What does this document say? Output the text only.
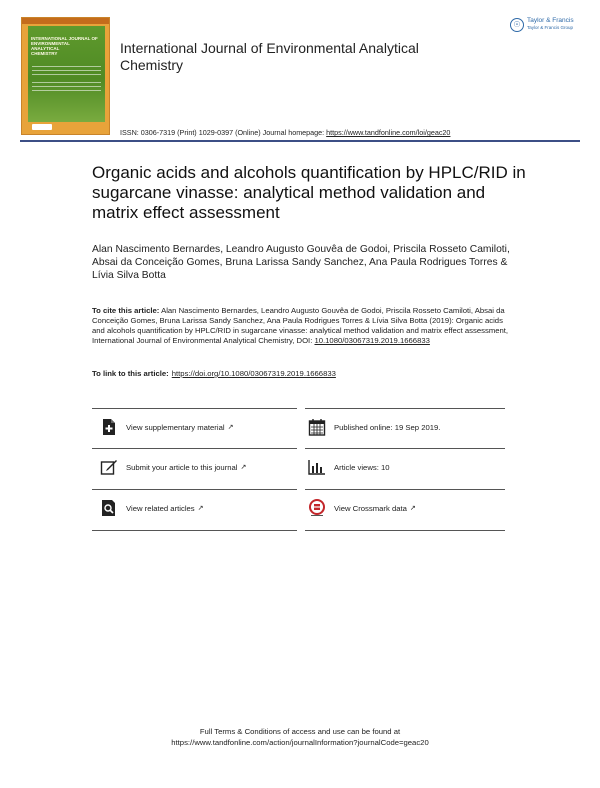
INTERNATIONAL JOURNAL OF
ENVIRONMENTAL
ANALYTICAL
CHEMISTRY
☉ Taylor & Francis
Taylor & Francis Group
International Journal of Environmental Analytical Chemistry
ISSN: 0306-7319 (Print) 1029-0397 (Online) Journal homepage: https://www.tandfonline.com/loi/geac20
Organic acids and alcohols quantification by HPLC/RID in sugarcane vinasse: analytical method validation and matrix effect assessment
Alan Nascimento Bernardes, Leandro Augusto Gouvêa de Godoi, Priscila Rosseto Camiloti, Absai da Conceição Gomes, Bruna Larissa Sandy Sanchez, Ana Paula Rodrigues Torres & Lívia Silva Botta
To cite this article: Alan Nascimento Bernardes, Leandro Augusto Gouvêa de Godoi, Priscila Rosseto Camiloti, Absai da Conceição Gomes, Bruna Larissa Sandy Sanchez, Ana Paula Rodrigues Torres & Lívia Silva Botta (2019): Organic acids and alcohols quantification by HPLC/RID in sugarcane vinasse: analytical method validation and matrix effect assessment, International Journal of Environmental Analytical Chemistry, DOI: 10.1080/03067319.2019.1666833
To link to this article: https://doi.org/10.1080/03067319.2019.1666833
View supplementary material ↗	Published online: 19 Sep 2019.
Submit your article to this journal ↗	Article views: 10
View related articles ↗	View Crossmark data ↗
Full Terms & Conditions of access and use can be found at
https://www.tandfonline.com/action/journalInformation?journalCode=geac20
